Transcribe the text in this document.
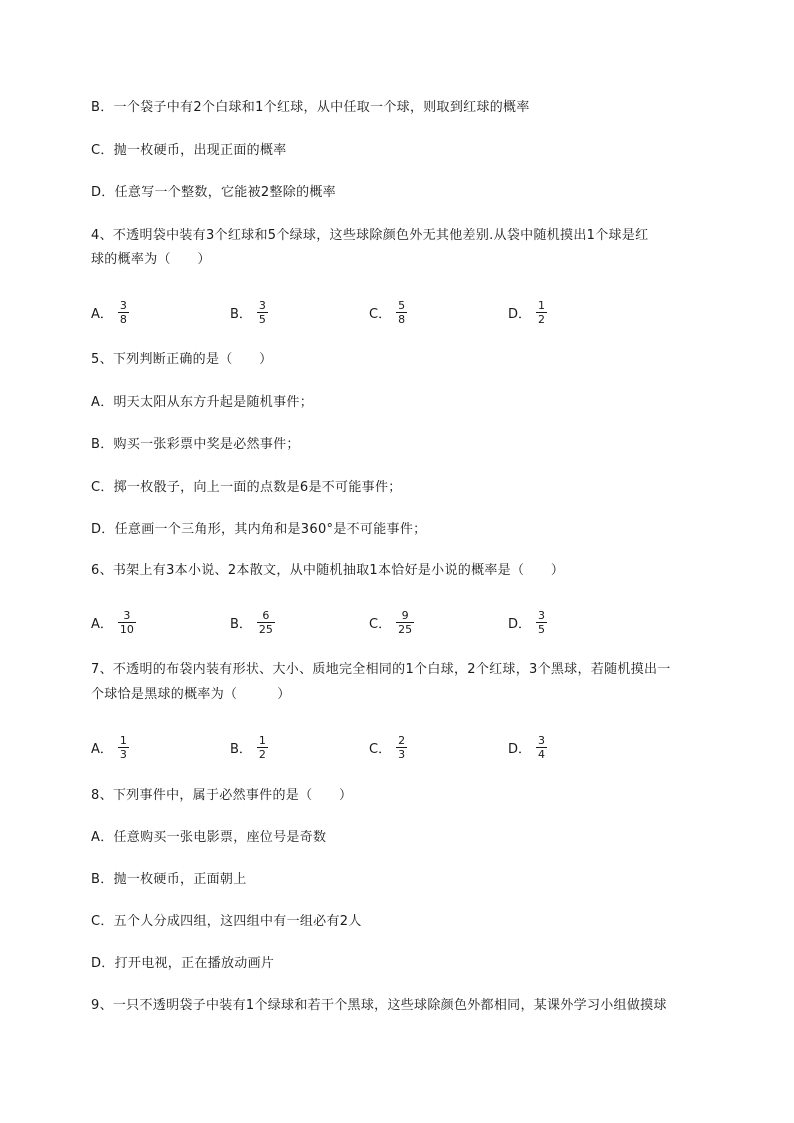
B．一个袋子中有2个白球和1个红球，从中任取一个球，则取到红球的概率
C．抛一枚硬币，出现正面的概率
D．任意写一个整数，它能被2整除的概率
4、不透明袋中装有3个红球和5个绿球，这些球除颜色外无其他差别.从袋中随机摸出1个球是红
球的概率为（　　）
A． $\frac{3}{8}$	B． $\frac{3}{5}$	C． $\frac{5}{8}$	D． $\frac{1}{2}$
5、下列判断正确的是（　　）
A．明天太阳从东方升起是随机事件；
B．购买一张彩票中奖是必然事件；
C．掷一枚骰子，向上一面的点数是6是不可能事件；
D．任意画一个三角形，其内角和是360°是不可能事件；
6、书架上有3本小说、2本散文，从中随机抽取1本恰好是小说的概率是（　　）
A． $\frac{3}{10}$	B． $\frac{6}{25}$	C． $\frac{9}{25}$	D． $\frac{3}{5}$
7、不透明的布袋内装有形状、大小、质地完全相同的1个白球，2个红球，3个黑球，若随机摸出一
个球恰是黑球的概率为（　　　）
A． $\frac{1}{3}$	B． $\frac{1}{2}$	C． $\frac{2}{3}$	D． $\frac{3}{4}$
8、下列事件中，属于必然事件的是（　　）
A．任意购买一张电影票，座位号是奇数
B．抛一枚硬币，正面朝上
C．五个人分成四组，这四组中有一组必有2人
D．打开电视，正在播放动画片
9、一只不透明袋子中装有1个绿球和若干个黑球，这些球除颜色外都相同，某课外学习小组做摸球
